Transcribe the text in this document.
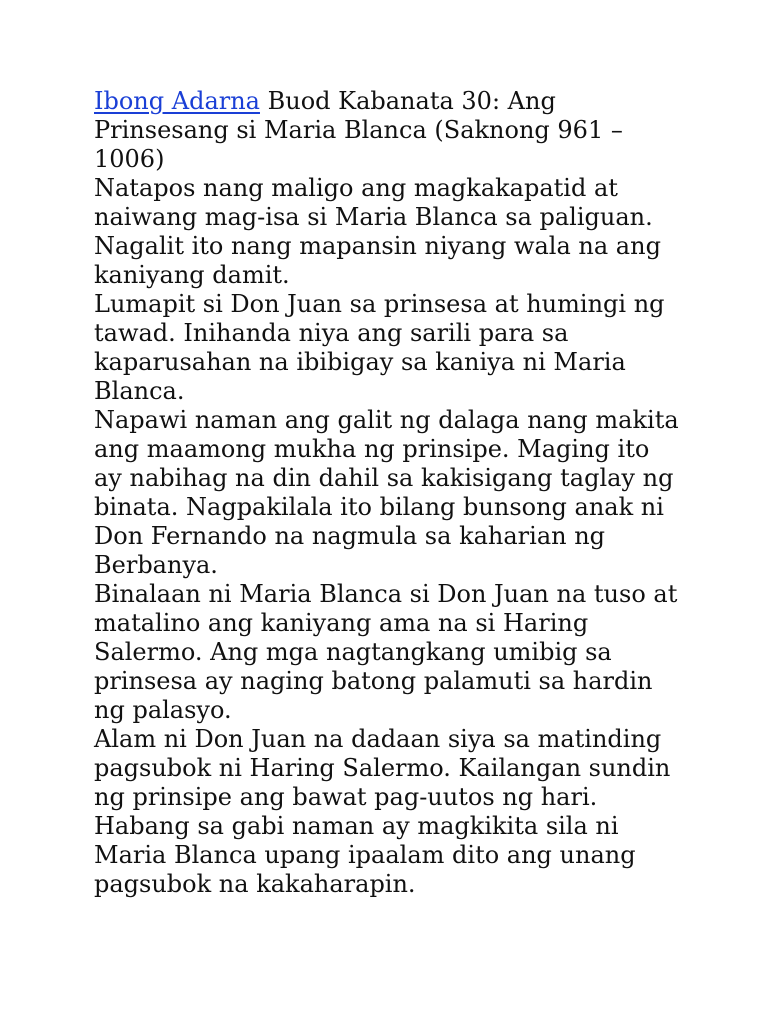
Ibong Adarna Buod Kabanata 30: Ang Prinsesang si Maria Blanca (Saknong 961 – 1006)

Natapos nang maligo ang magkakapatid at naiwang mag-isa si Maria Blanca sa paliguan. Nagalit ito nang mapansin niyang wala na ang kaniyang damit.

Lumapit si Don Juan sa prinsesa at humingi ng tawad. Inihanda niya ang sarili para sa kaparusahan na ibibigay sa kaniya ni Maria Blanca.

Napawi naman ang galit ng dalaga nang makita ang maamong mukha ng prinsipe. Maging ito ay nabihag na din dahil sa kakisigang taglay ng binata. Nagpakilala ito bilang bunsong anak ni Don Fernando na nagmula sa kaharian ng Berbanya.

Binalaan ni Maria Blanca si Don Juan na tuso at matalino ang kaniyang ama na si Haring Salermo. Ang mga nagtangkang umibig sa prinsesa ay naging batong palamuti sa hardin ng palasyo.

Alam ni Don Juan na dadaan siya sa matinding pagsubok ni Haring Salermo. Kailangan sundin ng prinsipe ang bawat pag-uutos ng hari.

Habang sa gabi naman ay magkikita sila ni Maria Blanca upang ipaalam dito ang unang pagsubok na kakaharapin.
